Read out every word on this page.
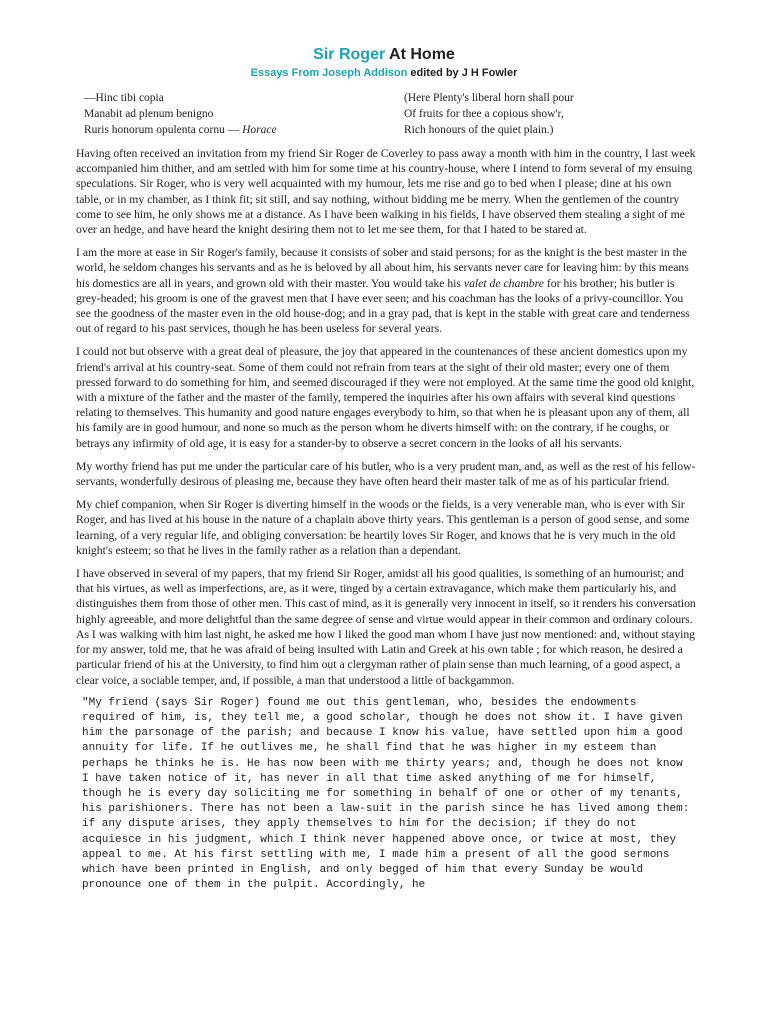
Sir Roger At Home
Essays From Joseph Addison edited by J H Fowler
—Hinc tibi copia
Manabit ad plenum benigno
Ruris honorum opulenta cornu — Horace
(Here Plenty's liberal horn shall pour
Of fruits for thee a copious show'r,
Rich honours of the quiet plain.)

Having often received an invitation from my friend Sir Roger de Coverley to pass away a month with him in the country, I last week accompanied him thither, and am settled with him for some time at his country-house, where I intend to form several of my ensuing speculations. Sir Roger, who is very well acquainted with my humour, lets me rise and go to bed when I please; dine at his own table, or in my chamber, as I think fit; sit still, and say nothing, without bidding me be merry. When the gentlemen of the country come to see him, he only shows me at a distance. As I have been walking in his fields, I have observed them stealing a sight of me over an hedge, and have heard the knight desiring them not to let me see them, for that I hated to be stared at.

I am the more at ease in Sir Roger's family, because it consists of sober and staid persons; for as the knight is the best master in the world, he seldom changes his servants and as he is beloved by all about him, his servants never care for leaving him: by this means his domestics are all in years, and grown old with their master. You would take his valet de chambre for his brother; his butler is grey-headed; his groom is one of the gravest men that I have ever seen; and his coachman has the looks of a privy-councillor. You see the goodness of the master even in the old house-dog; and in a gray pad, that is kept in the stable with great care and tenderness out of regard to his past services, though he has been useless for several years.

I could not but observe with a great deal of pleasure, the joy that appeared in the countenances of these ancient domestics upon my friend's arrival at his country-seat. Some of them could not refrain from tears at the sight of their old master; every one of them pressed forward to do something for him, and seemed discouraged if they were not employed. At the same time the good old knight, with a mixture of the father and the master of the family, tempered the inquiries after his own affairs with several kind questions relating to themselves. This humanity and good nature engages everybody to him, so that when he is pleasant upon any of them, all his family are in good humour, and none so much as the person whom he diverts himself with: on the contrary, if he coughs, or betrays any infirmity of old age, it is easy for a stander-by to observe a secret concern in the looks of all his servants.

My worthy friend has put me under the particular care of his butler, who is a very prudent man, and, as well as the rest of his fellow-servants, wonderfully desirous of pleasing me, because they have often heard their master talk of me as of his particular friend.

My chief companion, when Sir Roger is diverting himself in the woods or the fields, is a very venerable man, who is ever with Sir Roger, and has lived at his house in the nature of a chaplain above thirty years. This gentleman is a person of good sense, and some learning, of a very regular life, and obliging conversation: be heartily loves Sir Roger, and knows that he is very much in the old knight's esteem; so that he lives in the family rather as a relation than a dependant.

I have observed in several of my papers, that my friend Sir Roger, amidst all his good qualities, is something of an humourist; and that his virtues, as well as imperfections, are, as it were, tinged by a certain extravagance, which make them particularly his, and distinguishes them from those of other men. This cast of mind, as it is generally very innocent in itself, so it renders his conversation highly agreeable, and more delightful than the same degree of sense and virtue would appear in their common and ordinary colours. As I was walking with him last night, he asked me how I liked the good man whom I have just now mentioned: and, without staying for my answer, told me, that he was afraid of being insulted with Latin and Greek at his own table ; for which reason, he desired a particular friend of his at the University, to find him out a clergyman rather of plain sense than much learning, of a good aspect, a clear voice, a sociable temper, and, if possible, a man that understood a little of backgammon.

"My friend (says Sir Roger) found me out this gentleman, who, besides the endowments required of him, is, they tell me, a good scholar, though he does not show it. I have given him the parsonage of the parish; and because I know his value, have settled upon him a good annuity for life. If he outlives me, he shall find that he was higher in my esteem than perhaps he thinks he is. He has now been with me thirty years; and, though he does not know I have taken notice of it, has never in all that time asked anything of me for himself, though he is every day soliciting me for something in behalf of one or other of my tenants, his parishioners. There has not been a law-suit in the parish since he has lived among them: if any dispute arises, they apply themselves to him for the decision; if they do not acquiesce in his judgment, which I think never happened above once, or twice at most, they appeal to me. At his first settling with me, I made him a present of all the good sermons which have been printed in English, and only begged of him that every Sunday be would pronounce one of them in the pulpit. Accordingly, he
